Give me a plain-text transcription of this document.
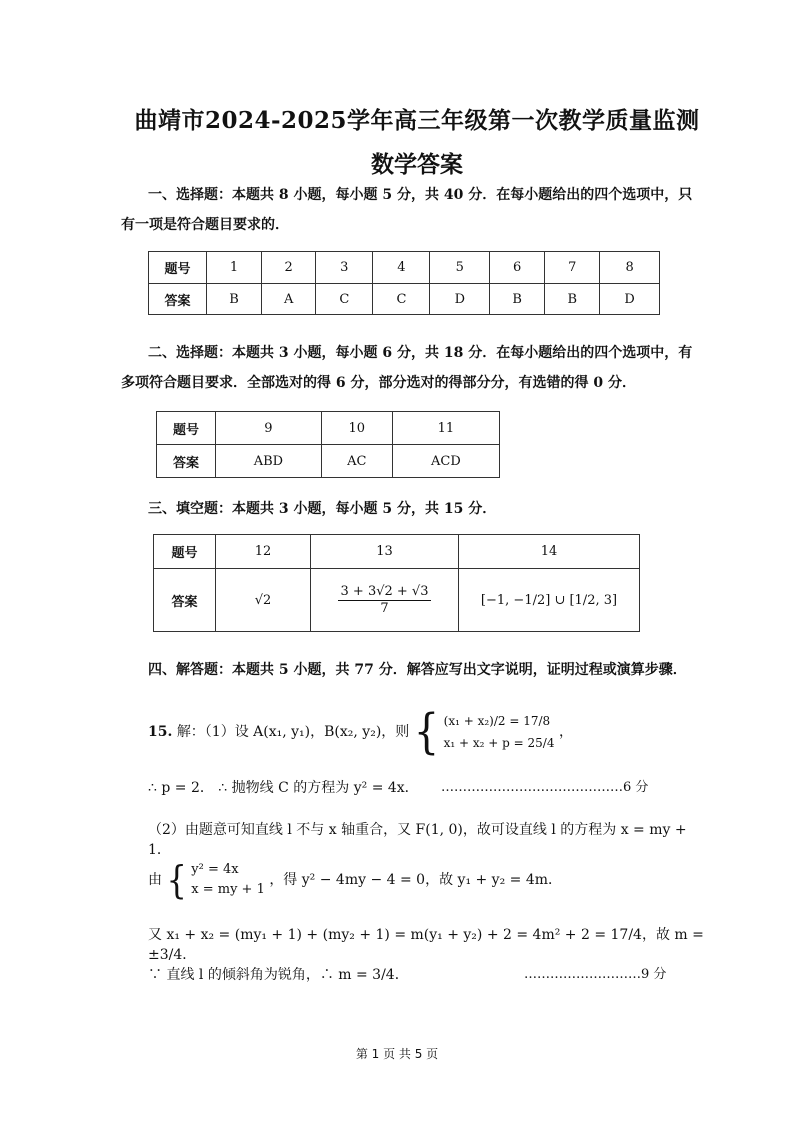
曲靖市2024-2025学年高三年级第一次教学质量监测
数学答案
一、选择题：本题共 8 小题，每小题 5 分，共 40 分．在每小题给出的四个选项中，只
有一项是符合题目要求的．
题号	1	2	3	4	5	6	7	8
答案	B	A	C	C	D	B	B	D
二、选择题：本题共 3 小题，每小题 6 分，共 18 分．在每小题给出的四个选项中，有
多项符合题目要求．全部选对的得 6 分，部分选对的得部分分，有选错的得 0 分．
题号	9	10	11
答案	ABD	AC	ACD
三、填空题：本题共 3 小题，每小题 5 分，共 15 分．
题号	12	13	14
答案	√2	$\frac{3 + 3√2 + √3}{7}$	[−1, −1/2] ∪ [1/2, 3]
四、解答题：本题共 5 小题，共 77 分．解答应写出文字说明，证明过程或演算步骤．
15. 解：（1）设 A(x₁, y₁)，B(x₂, y₂)，则 { (x₁ + x₂)/2 = 17/8
x₁ + x₂ + p = 25/4
，
∴ p = 2． ∴ 抛物线 C 的方程为 y² = 4x．	……………………………………6 分
（2）由题意可知直线 l 不与 x 轴重合，又 F(1, 0)，故可设直线 l 的方程为 x = my + 1．
由 { y² = 4x
x = my + 1
，得 y² − 4my − 4 = 0，故 y₁ + y₂ = 4m．
又 x₁ + x₂ = (my₁ + 1) + (my₂ + 1) = m(y₁ + y₂) + 2 = 4m² + 2 = 17/4，故 m = ±3/4．
∵ 直线 l 的倾斜角为锐角，∴ m = 3/4．	………………………9 分
第 1 页 共 5 页
